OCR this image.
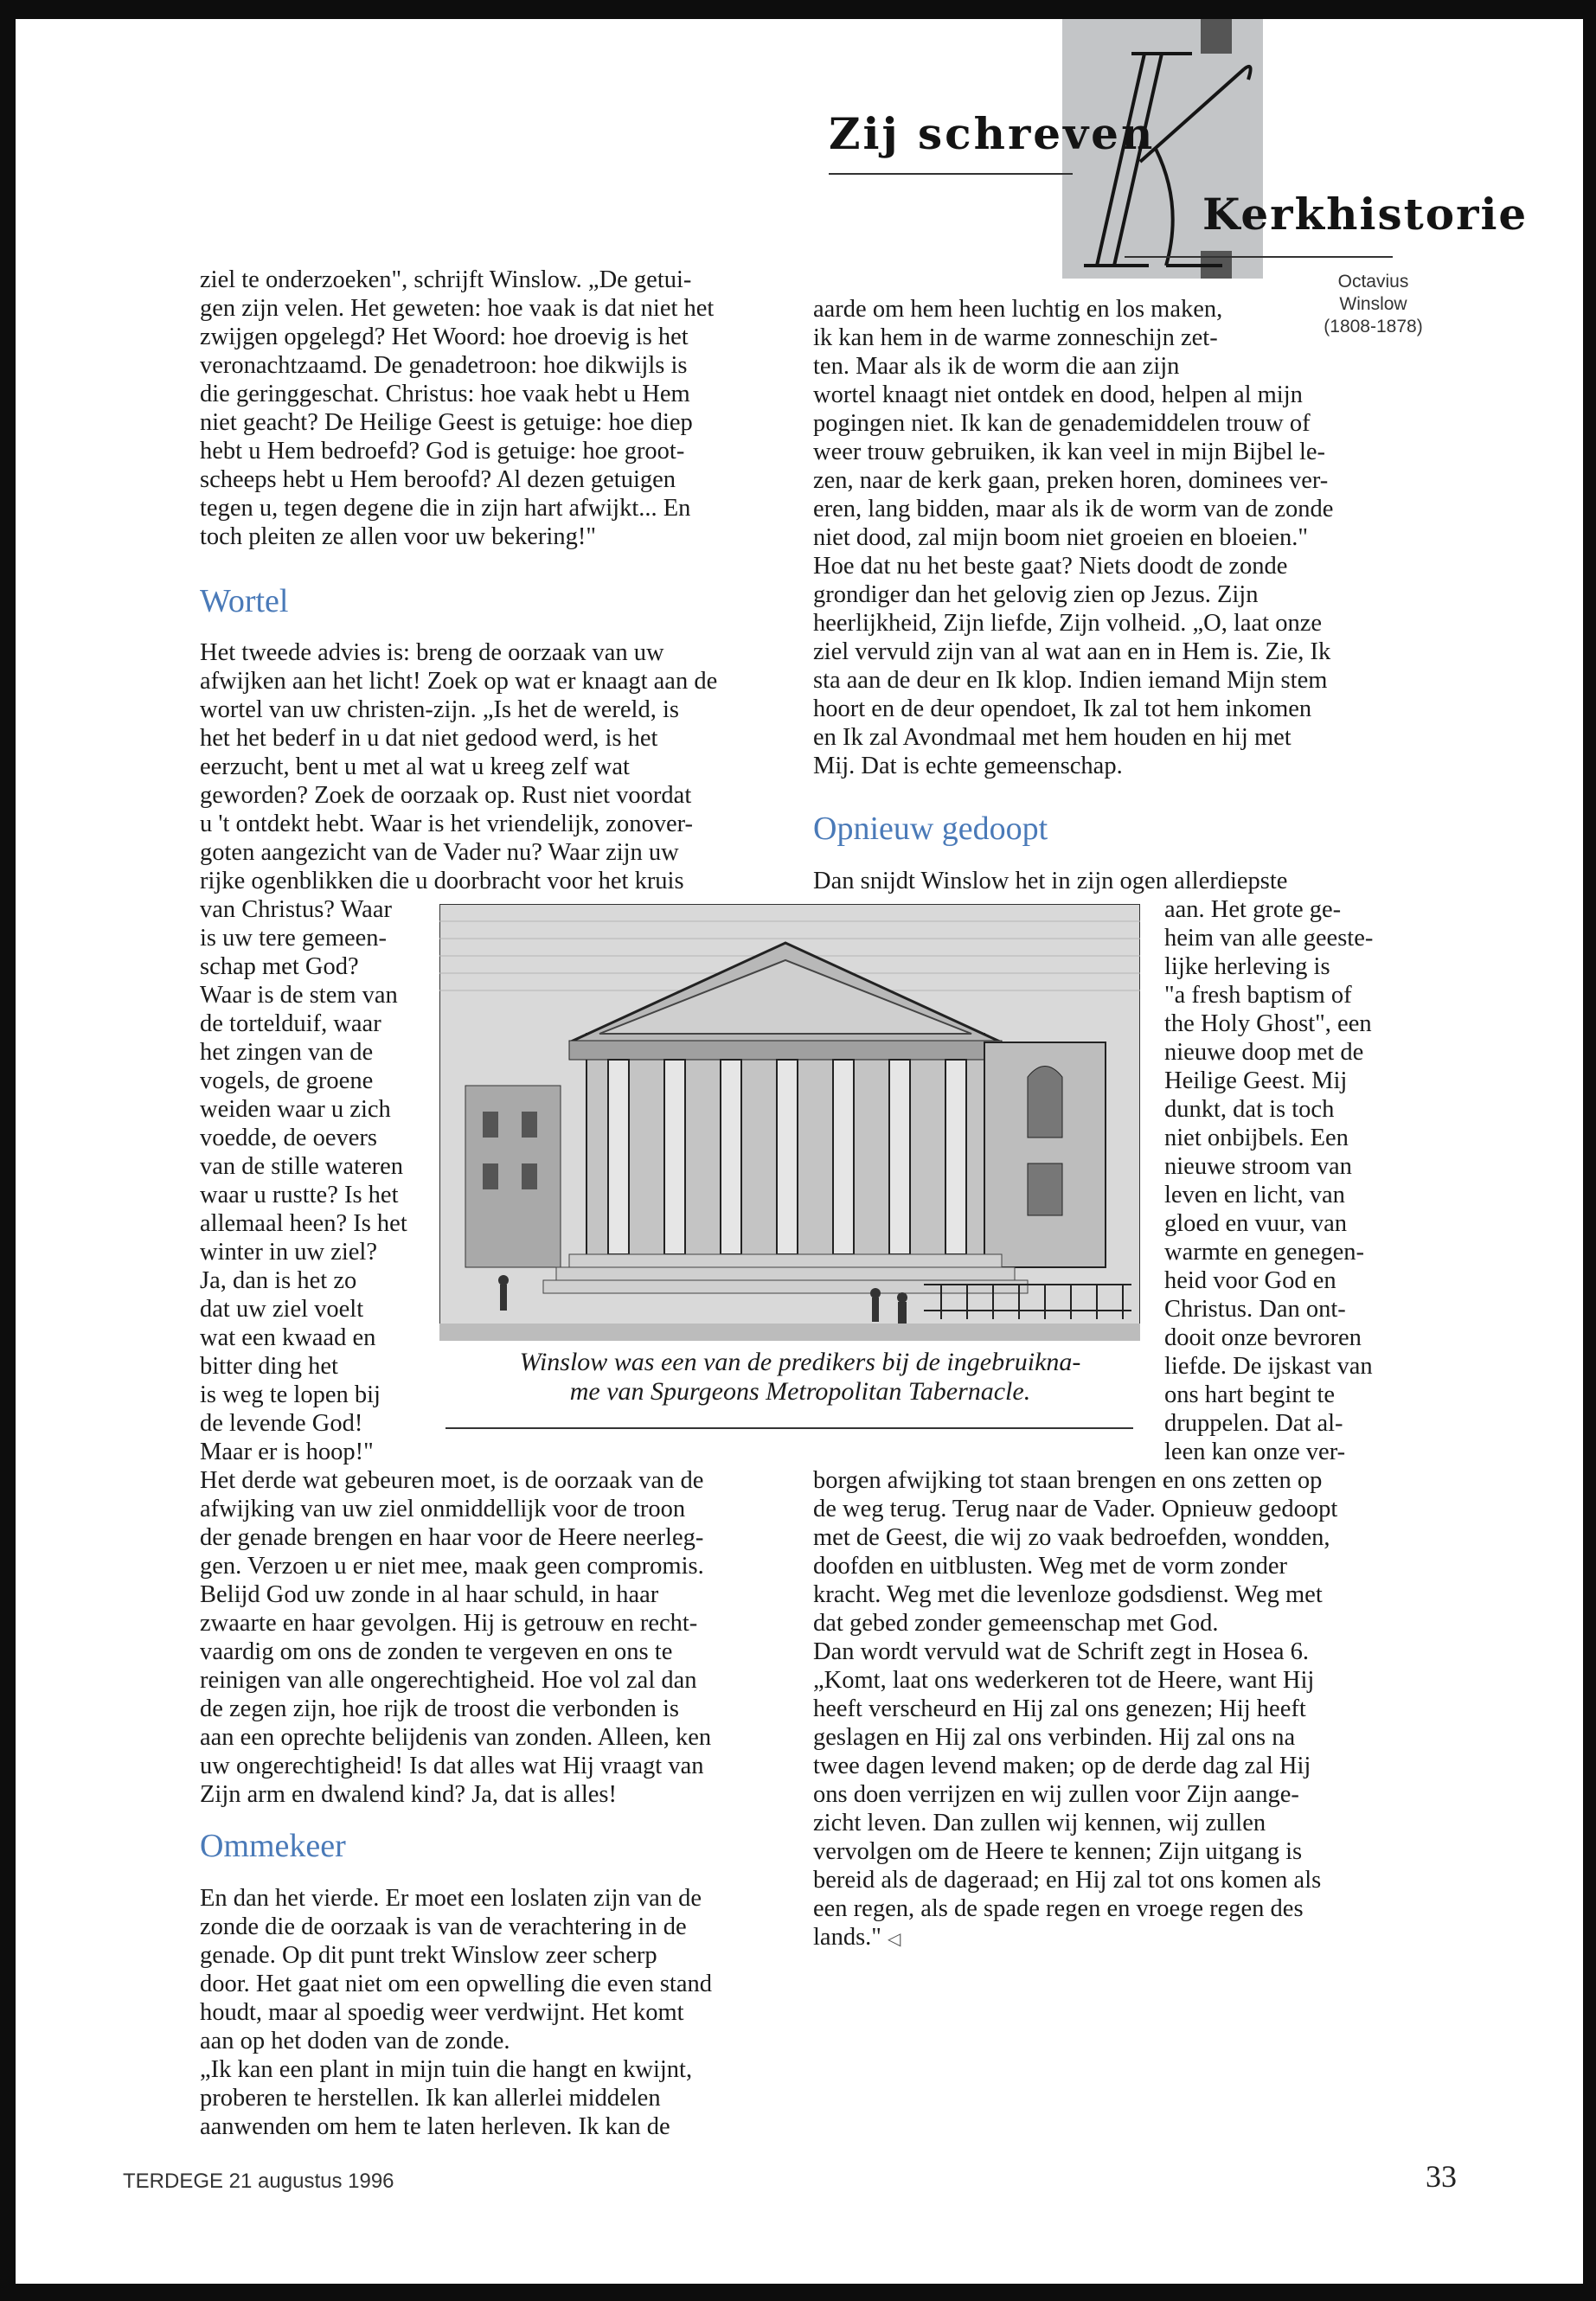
Zij schreven
Kerkhistorie
Octavius
Winslow
(1808-1878)
ziel te onderzoeken", schrijft Winslow. „De getui-
gen zijn velen. Het geweten: hoe vaak is dat niet het
zwijgen opgelegd? Het Woord: hoe droevig is het
veronachtzaamd. De genadetroon: hoe dikwijls is
die geringgeschat. Christus: hoe vaak hebt u Hem
niet geacht? De Heilige Geest is getuige: hoe diep
hebt u Hem bedroefd? God is getuige: hoe groot-
scheeps hebt u Hem beroofd? Al dezen getuigen
tegen u, tegen degene die in zijn hart afwijkt... En
toch pleiten ze allen voor uw bekering!"
Wortel
Het tweede advies is: breng de oorzaak van uw
afwijken aan het licht! Zoek op wat er knaagt aan de
wortel van uw christen-zijn. „Is het de wereld, is
het het bederf in u dat niet gedood werd, is het
eerzucht, bent u met al wat u kreeg zelf wat
geworden? Zoek de oorzaak op. Rust niet voordat
u 't ontdekt hebt. Waar is het vriendelijk, zonover-
goten aangezicht van de Vader nu? Waar zijn uw
rijke ogenblikken die u doorbracht voor het kruis
van Christus? Waar
is uw tere gemeen-
schap met God?
Waar is de stem van
de tortelduif, waar
het zingen van de
vogels, de groene
weiden waar u zich
voedde, de oevers
van de stille wateren
waar u rustte? Is het
allemaal heen? Is het
winter in uw ziel?
Ja, dan is het zo
dat uw ziel voelt
wat een kwaad en
bitter ding het
is weg te lopen bij
de levende God!
Maar er is hoop!"
Het derde wat gebeuren moet, is de oorzaak van de
afwijking van uw ziel onmiddellijk voor de troon
der genade brengen en haar voor de Heere neerleg-
gen. Verzoen u er niet mee, maak geen compromis.
Belijd God uw zonde in al haar schuld, in haar
zwaarte en haar gevolgen. Hij is getrouw en recht-
vaardig om ons de zonden te vergeven en ons te
reinigen van alle ongerechtigheid. Hoe vol zal dan
de zegen zijn, hoe rijk de troost die verbonden is
aan een oprechte belijdenis van zonden. Alleen, ken
uw ongerechtigheid! Is dat alles wat Hij vraagt van
Zijn arm en dwalend kind? Ja, dat is alles!
Ommekeer
En dan het vierde. Er moet een loslaten zijn van de
zonde die de oorzaak is van de verachtering in de
genade. Op dit punt trekt Winslow zeer scherp
door. Het gaat niet om een opwelling die even stand
houdt, maar al spoedig weer verdwijnt. Het komt
aan op het doden van de zonde.
„Ik kan een plant in mijn tuin die hangt en kwijnt,
proberen te herstellen. Ik kan allerlei middelen
aanwenden om hem te laten herleven. Ik kan de
aarde om hem heen luchtig en los maken,
ik kan hem in de warme zonneschijn zet-
ten. Maar als ik de worm die aan zijn
wortel knaagt niet ontdek en dood, helpen al mijn
pogingen niet. Ik kan de genademiddelen trouw of
weer trouw gebruiken, ik kan veel in mijn Bijbel le-
zen, naar de kerk gaan, preken horen, dominees ver-
eren, lang bidden, maar als ik de worm van de zonde
niet dood, zal mijn boom niet groeien en bloeien."
Hoe dat nu het beste gaat? Niets doodt de zonde
grondiger dan het gelovig zien op Jezus. Zijn
heerlijkheid, Zijn liefde, Zijn volheid. „O, laat onze
ziel vervuld zijn van al wat aan en in Hem is. Zie, Ik
sta aan de deur en Ik klop. Indien iemand Mijn stem
hoort en de deur opendoet, Ik zal tot hem inkomen
en Ik zal Avondmaal met hem houden en hij met
Mij. Dat is echte gemeenschap.
Opnieuw gedoopt
Dan snijdt Winslow het in zijn ogen allerdiepste
aan. Het grote ge-
heim van alle geeste-
lijke herleving is
"a fresh baptism of
the Holy Ghost", een
nieuwe doop met de
Heilige Geest. Mij
dunkt, dat is toch
niet onbijbels. Een
nieuwe stroom van
leven en licht, van
gloed en vuur, van
warmte en genegen-
heid voor God en
Christus. Dan ont-
dooit onze bevroren
liefde. De ijskast van
ons hart begint te
druppelen. Dat al-
leen kan onze ver-
borgen afwijking tot staan brengen en ons zetten op
de weg terug. Terug naar de Vader. Opnieuw gedoopt
met de Geest, die wij zo vaak bedroefden, wondden,
doofden en uitblusten. Weg met de vorm zonder
kracht. Weg met die levenloze godsdienst. Weg met
dat gebed zonder gemeenschap met God.
Dan wordt vervuld wat de Schrift zegt in Hosea 6.
„Komt, laat ons wederkeren tot de Heere, want Hij
heeft verscheurd en Hij zal ons genezen; Hij heeft
geslagen en Hij zal ons verbinden. Hij zal ons na
twee dagen levend maken; op de derde dag zal Hij
ons doen verrijzen en wij zullen voor Zijn aange-
zicht leven. Dan zullen wij kennen, wij zullen
vervolgen om de Heere te kennen; Zijn uitgang is
bereid als de dageraad; en Hij zal tot ons komen als
een regen, als de spade regen en vroege regen des
lands." ◁
Winslow was een van de predikers bij de ingebruikna-
me van Spurgeons Metropolitan Tabernacle.
TERDEGE 21 augustus 1996	33
